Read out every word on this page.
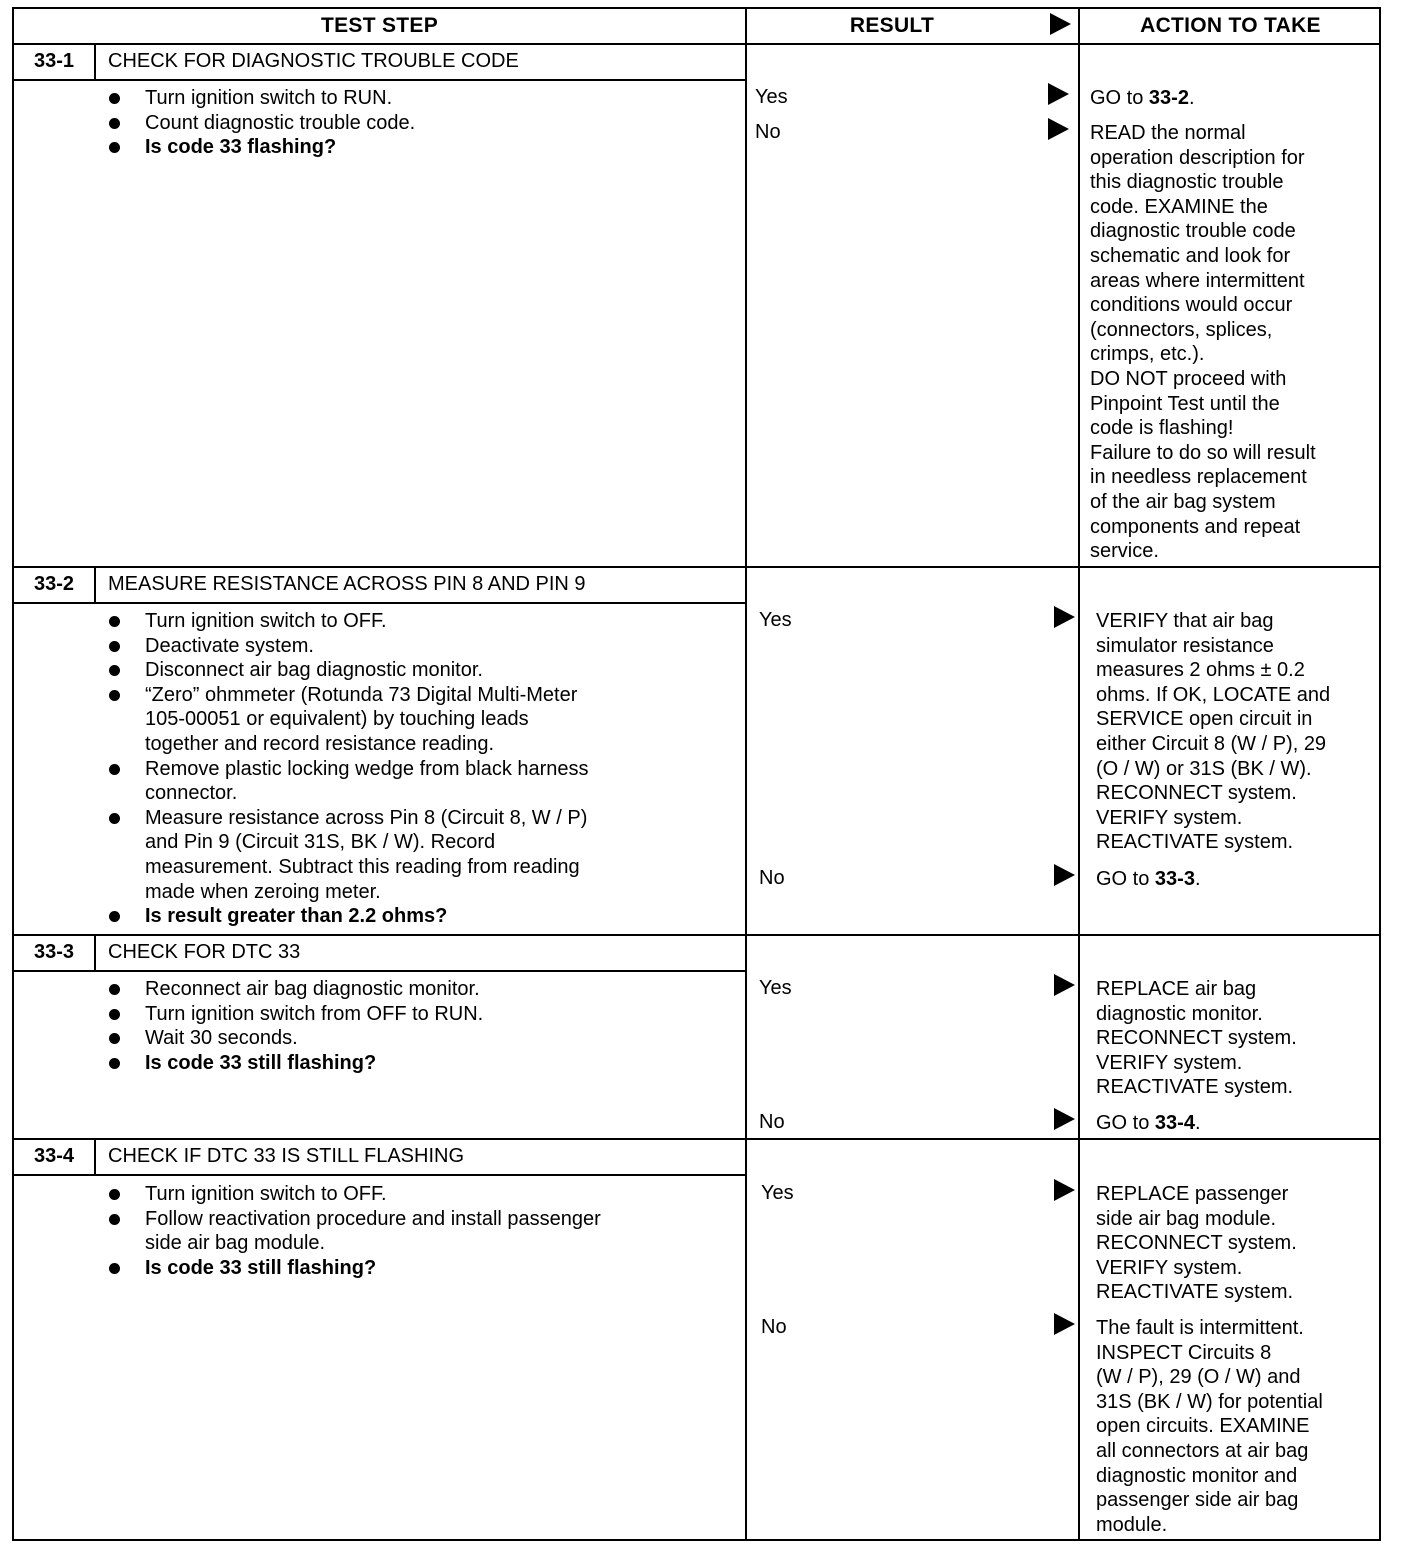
TEST STEP	RESULT	ACTION TO TAKE
33-1	CHECK FOR DIAGNOSTIC TROUBLE CODE
Turn ignition switch to RUN.
Count diagnostic trouble code.
Is code 33 flashing?
Yes	GO to 33-2.
No	READ the normal
operation description for
this diagnostic trouble
code. EXAMINE the
diagnostic trouble code
schematic and look for
areas where intermittent
conditions would occur
(connectors, splices,
crimps, etc.).
DO NOT proceed with
Pinpoint Test until the
code is flashing!
Failure to do so will result
in needless replacement
of the air bag system
components and repeat
service.
33-2	MEASURE RESISTANCE ACROSS PIN 8 AND PIN 9
Turn ignition switch to OFF.
Deactivate system.
Disconnect air bag diagnostic monitor.
“Zero” ohmmeter (Rotunda 73 Digital Multi-Meter
105-00051 or equivalent) by touching leads
together and record resistance reading.
Remove plastic locking wedge from black harness
connector.
Measure resistance across Pin 8 (Circuit 8, W / P)
and Pin 9 (Circuit 31S, BK / W). Record
measurement. Subtract this reading from reading
made when zeroing meter.
Is result greater than 2.2 ohms?
Yes	VERIFY that air bag
simulator resistance
measures 2 ohms ± 0.2
ohms. If OK, LOCATE and
SERVICE open circuit in
either Circuit 8 (W / P), 29
(O / W) or 31S (BK / W).
RECONNECT system.
VERIFY system.
REACTIVATE system.
No	GO to 33-3.
33-3	CHECK FOR DTC 33
Reconnect air bag diagnostic monitor.
Turn ignition switch from OFF to RUN.
Wait 30 seconds.
Is code 33 still flashing?
Yes	REPLACE air bag
diagnostic monitor.
RECONNECT system.
VERIFY system.
REACTIVATE system.
No	GO to 33-4.
33-4	CHECK IF DTC 33 IS STILL FLASHING
Turn ignition switch to OFF.
Follow reactivation procedure and install passenger
side air bag module.
Is code 33 still flashing?
Yes	REPLACE passenger
side air bag module.
RECONNECT system.
VERIFY system.
REACTIVATE system.
No	The fault is intermittent.
INSPECT Circuits 8
(W / P), 29 (O / W) and
31S (BK / W) for potential
open circuits. EXAMINE
all connectors at air bag
diagnostic monitor and
passenger side air bag
module.
